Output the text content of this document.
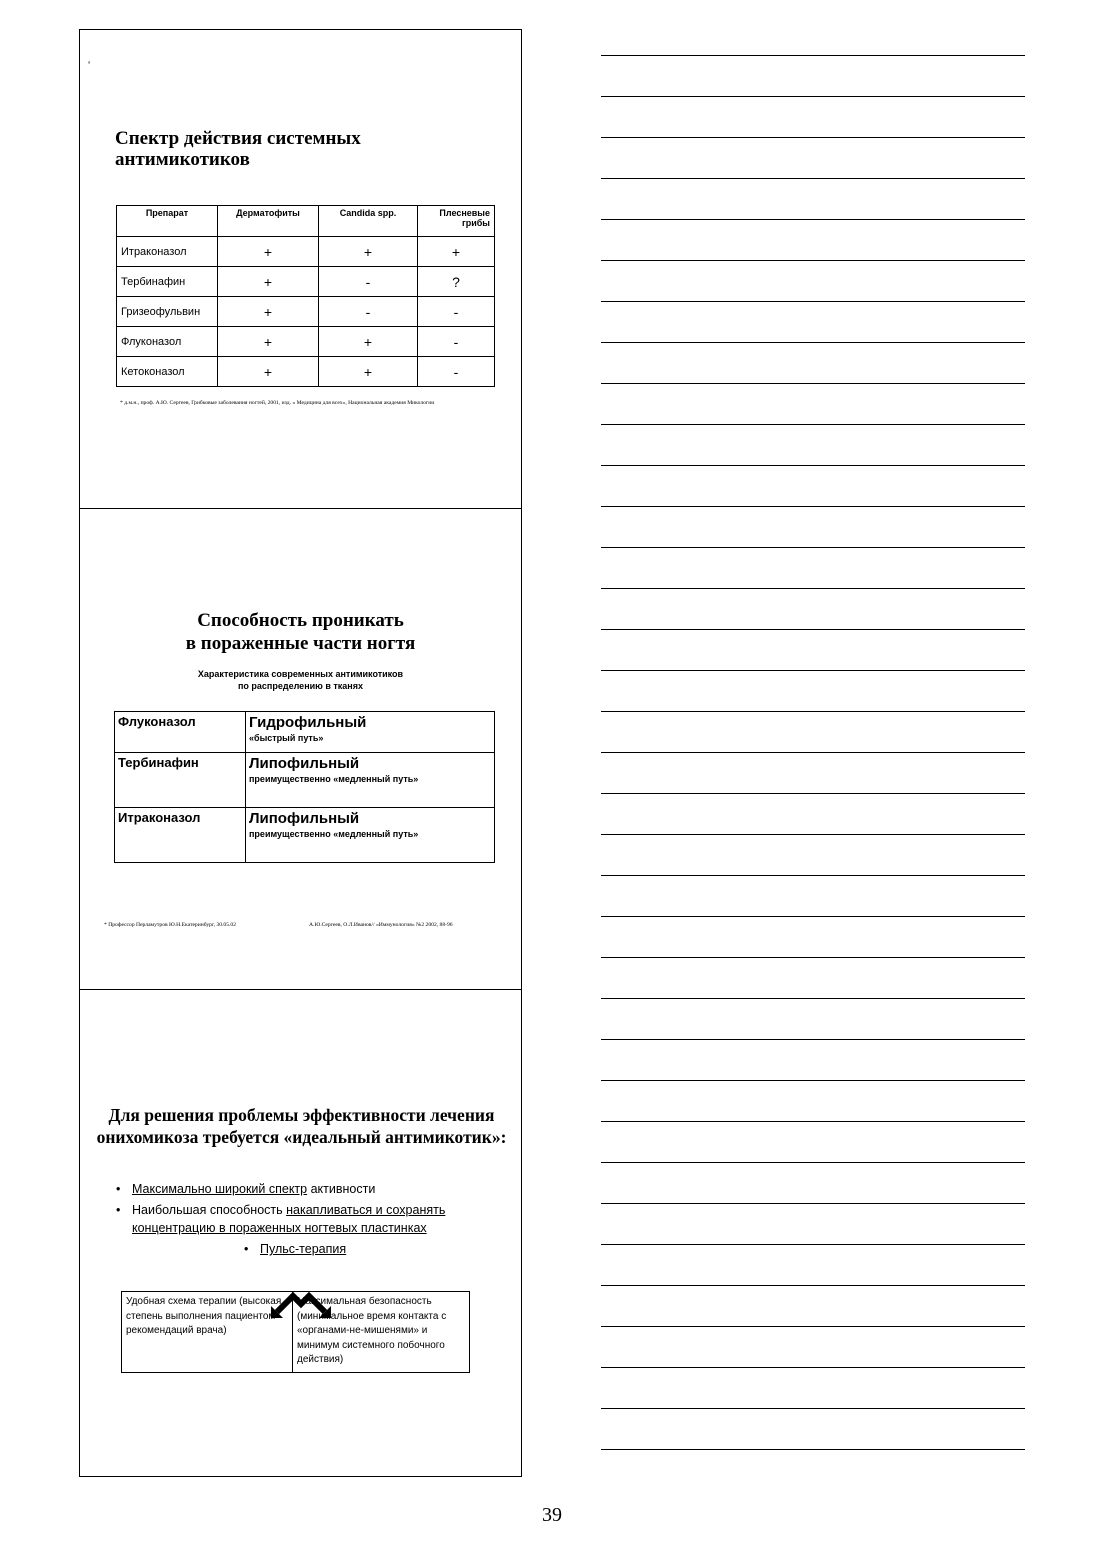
‘
Спектр действия системных антимикотиков
Препарат	Дерматофиты	Candida spp.	Плесневые грибы
Итраконазол	+	+	+
Тербинафин	+	-	?
Гризеофульвин	+	-	-
Флуконазол	+	+	-
Кетоконазол	+	+	-
* д.м.н., проф. А.Ю. Сергеев, Грибковые заболевания ногтей, 2001, изд. « Медицина для всех», Национальная академия Микологии
Способность проникать
в пораженные части ногтя
Характеристика современных антимикотиков
по распределению в тканях
Флуконазол	Гидрофильный
«быстрый путь»

Тербинафин	Липофильный
преимущественно «медленный путь»

Итраконазол	Липофильный
преимущественно «медленный путь»
* Профессор Перламутров Ю.Н.Екатеринбург, 30.05.02	А.Ю.Сергеев, О.Л.Иванов// «Иммунология» №2 2002, 88-96
Для решения проблемы эффективности лечения онихомикоза требуется «идеальный антимикотик»:
• Максимально широкий спектр активности
• Наибольшая способность накапливаться и сохранять концентрацию в пораженных ногтевых пластинках
• Пульс-терапия
Удобная схема терапии (высокая степень выполнения пациентом рекомендаций врача)	Максимальная безопасность (минимальное время контакта с «органами-не-мишенями» и минимум системного побочного действия)
39
